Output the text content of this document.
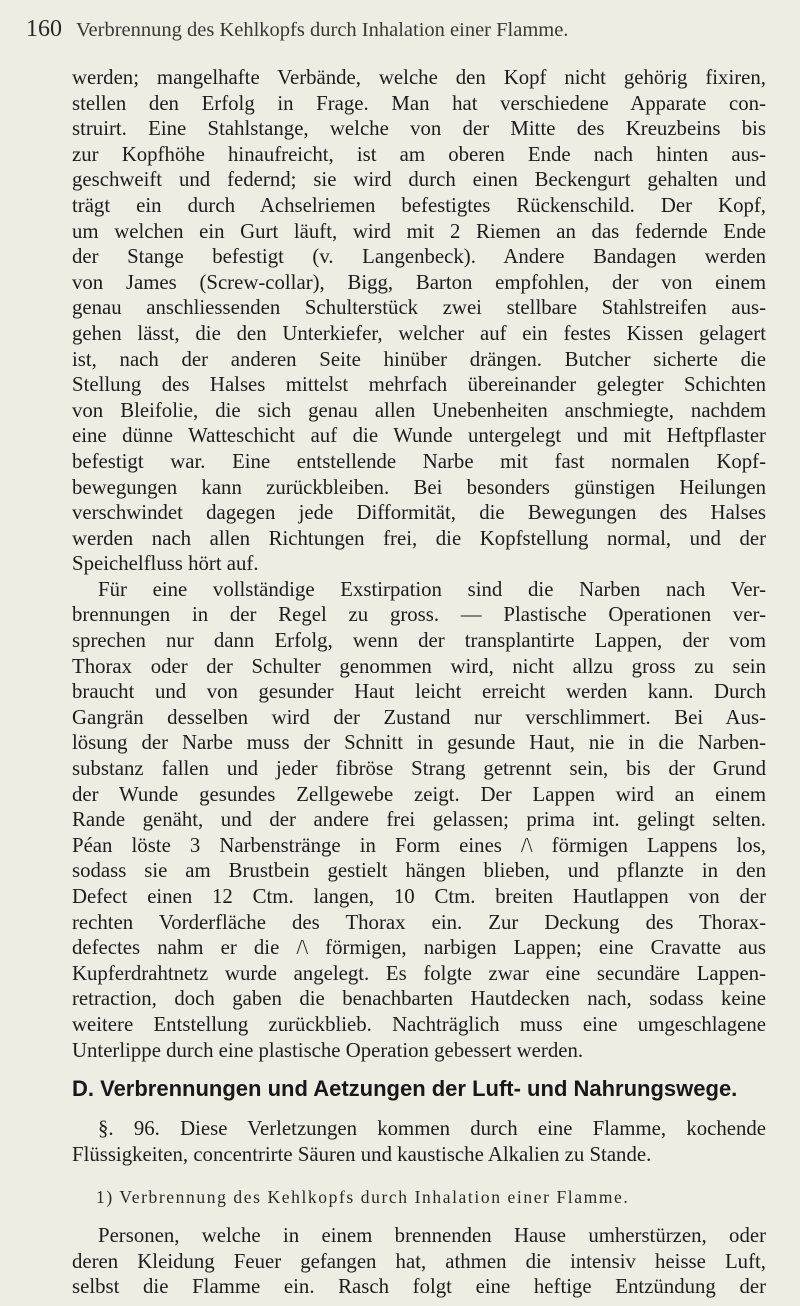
160 Verbrennung des Kehlkopfs durch Inhalation einer Flamme.
werden; mangelhafte Verbände, welche den Kopf nicht gehörig fixiren,
stellen den Erfolg in Frage. Man hat verschiedene Apparate con-
struirt. Eine Stahlstange, welche von der Mitte des Kreuzbeins bis
zur Kopfhöhe hinaufreicht, ist am oberen Ende nach hinten aus-
geschweift und federnd; sie wird durch einen Beckengurt gehalten und
trägt ein durch Achselriemen befestigtes Rückenschild. Der Kopf,
um welchen ein Gurt läuft, wird mit 2 Riemen an das federnde Ende
der Stange befestigt (v. Langenbeck). Andere Bandagen werden
von James (Screw-collar), Bigg, Barton empfohlen, der von einem
genau anschliessenden Schulterstück zwei stellbare Stahlstreifen aus-
gehen lässt, die den Unterkiefer, welcher auf ein festes Kissen gelagert
ist, nach der anderen Seite hinüber drängen. Butcher sicherte die
Stellung des Halses mittelst mehrfach übereinander gelegter Schichten
von Bleifolie, die sich genau allen Unebenheiten anschmiegte, nachdem
eine dünne Watteschicht auf die Wunde untergelegt und mit Heftpflaster
befestigt war. Eine entstellende Narbe mit fast normalen Kopf-
bewegungen kann zurückbleiben. Bei besonders günstigen Heilungen
verschwindet dagegen jede Difformität, die Bewegungen des Halses
werden nach allen Richtungen frei, die Kopfstellung normal, und der
Speichelfluss hört auf.
Für eine vollständige Exstirpation sind die Narben nach Ver-
brennungen in der Regel zu gross. — Plastische Operationen ver-
sprechen nur dann Erfolg, wenn der transplantirte Lappen, der vom
Thorax oder der Schulter genommen wird, nicht allzu gross zu sein
braucht und von gesunder Haut leicht erreicht werden kann. Durch
Gangrän desselben wird der Zustand nur verschlimmert. Bei Aus-
lösung der Narbe muss der Schnitt in gesunde Haut, nie in die Narben-
substanz fallen und jeder fibröse Strang getrennt sein, bis der Grund
der Wunde gesundes Zellgewebe zeigt. Der Lappen wird an einem
Rande genäht, und der andere frei gelassen; prima int. gelingt selten.
Péan löste 3 Narbenstränge in Form eines /\ förmigen Lappens los,
sodass sie am Brustbein gestielt hängen blieben, und pflanzte in den
Defect einen 12 Ctm. langen, 10 Ctm. breiten Hautlappen von der
rechten Vorderfläche des Thorax ein. Zur Deckung des Thorax-
defectes nahm er die /\ förmigen, narbigen Lappen; eine Cravatte aus
Kupferdrahtnetz wurde angelegt. Es folgte zwar eine secundäre Lappen-
retraction, doch gaben die benachbarten Hautdecken nach, sodass keine
weitere Entstellung zurückblieb. Nachträglich muss eine umgeschlagene
Unterlippe durch eine plastische Operation gebessert werden.
D. Verbrennungen und Aetzungen der Luft- und Nahrungswege.
§. 96. Diese Verletzungen kommen durch eine Flamme, kochende
Flüssigkeiten, concentrirte Säuren und kaustische Alkalien zu Stande.
1) Verbrennung des Kehlkopfs durch Inhalation einer Flamme.
Personen, welche in einem brennenden Hause umherstürzen, oder
deren Kleidung Feuer gefangen hat, athmen die intensiv heisse Luft,
selbst die Flamme ein. Rasch folgt eine heftige Entzündung der
